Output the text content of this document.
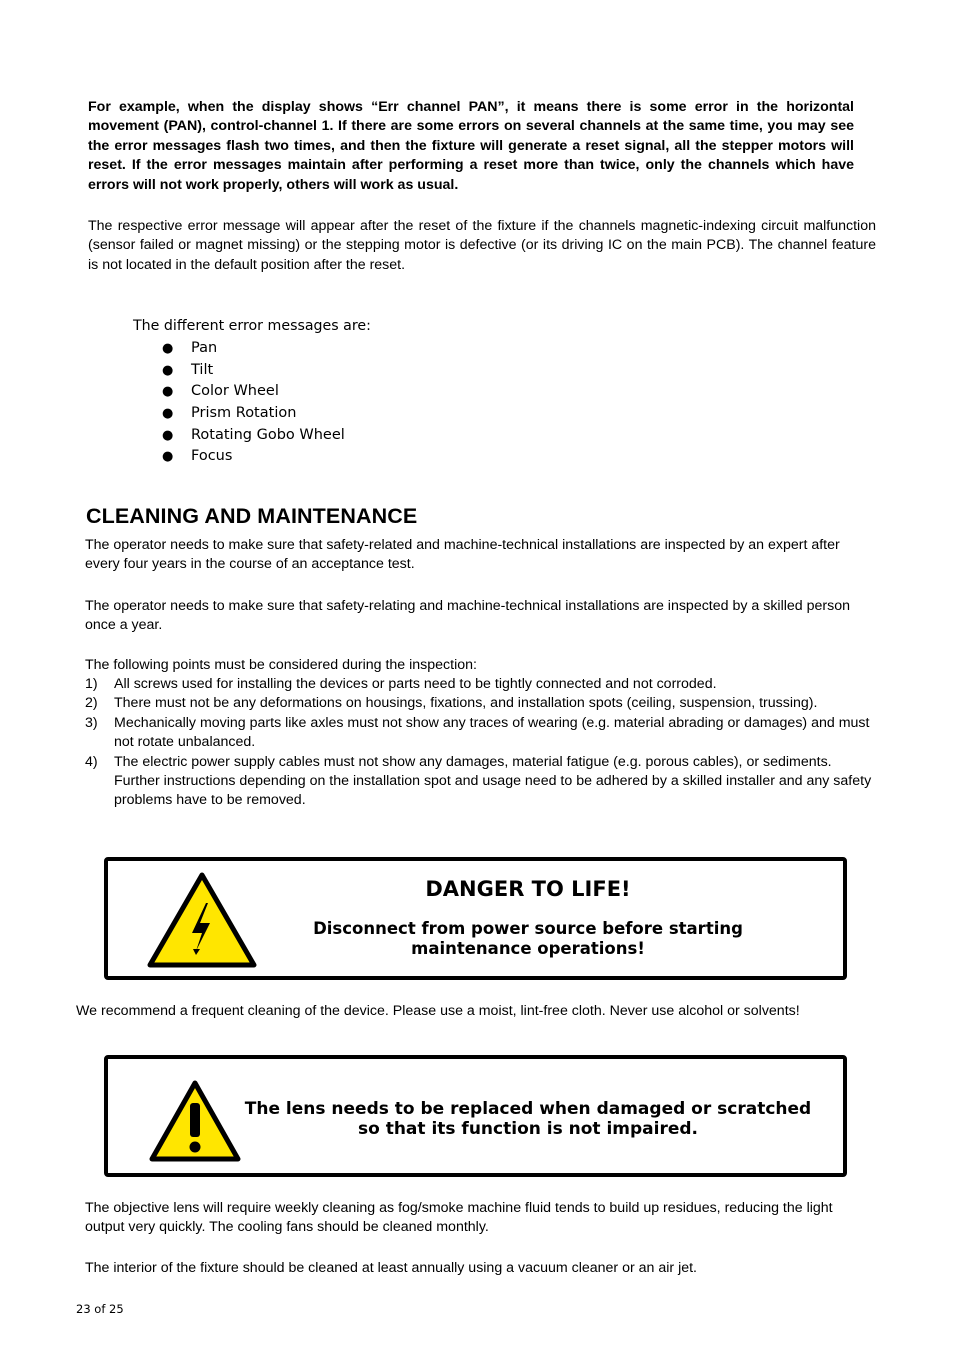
For example, when the display shows “Err channel PAN”, it means there is some error in the horizontal movement (PAN), control-channel 1. If there are some errors on several channels at the same time, you may see the error messages flash two times, and then the fixture will generate a reset signal, all the stepper motors will reset. If the error messages maintain after performing a reset more than twice, only the channels which have errors will not work properly, others will work as usual.
The respective error message will appear after the reset of the fixture if the channels magnetic-indexing circuit malfunction (sensor failed or magnet missing) or the stepping motor is defective (or its driving IC on the main PCB). The channel feature is not located in the default position after the reset.
The different error messages are:
● Pan
● Tilt
● Color Wheel
● Prism Rotation
● Rotating Gobo Wheel
● Focus
CLEANING AND MAINTENANCE
The operator needs to make sure that safety-related and machine-technical installations are inspected by an expert after every four years in the course of an acceptance test.
The operator needs to make sure that safety-relating and machine-technical installations are inspected by a skilled person once a year.
The following points must be considered during the inspection:
1) All screws used for installing the devices or parts need to be tightly connected and not corroded.
2) There must not be any deformations on housings, fixations, and installation spots (ceiling, suspension, trussing).
3) Mechanically moving parts like axles must not show any traces of wearing (e.g. material abrading or damages) and must not rotate unbalanced.
4) The electric power supply cables must not show any damages, material fatigue (e.g. porous cables), or sediments. Further instructions depending on the installation spot and usage need to be adhered by a skilled installer and any safety problems have to be removed.
DANGER TO LIFE!
Disconnect from power source before starting
maintenance operations!
We recommend a frequent cleaning of the device. Please use a moist, lint-free cloth. Never use alcohol or solvents!
The lens needs to be replaced when damaged or scratched
so that its function is not impaired.
The objective lens will require weekly cleaning as fog/smoke machine fluid tends to build up residues, reducing the light output very quickly. The cooling fans should be cleaned monthly.
The interior of the fixture should be cleaned at least annually using a vacuum cleaner or an air jet.
23 of 25
